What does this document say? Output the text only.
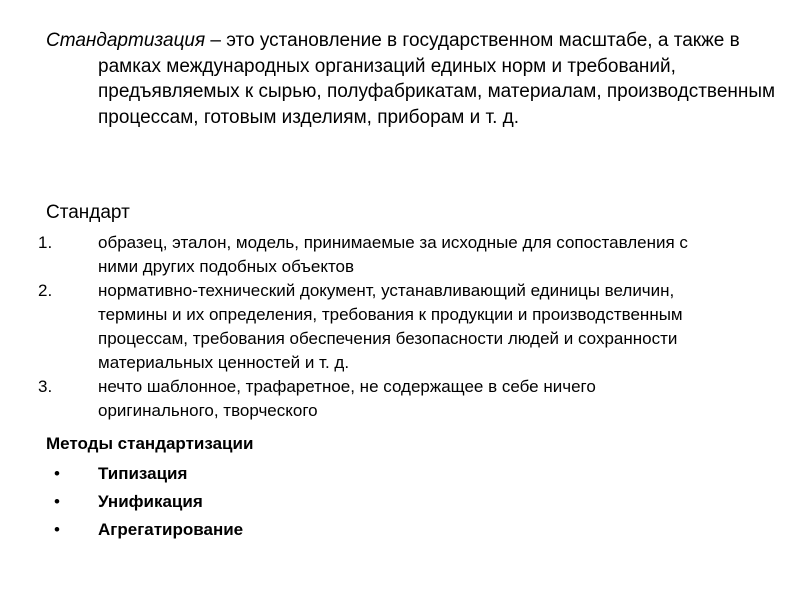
Стандартизация – это установление в государственном масштабе, а также в рамках международных организаций единых норм и требований, предъявляемых к сырью, полуфабрикатам, материалам, производственным процессам, готовым изделиям, приборам и т. д.

Стандарт

1.	образец, эталон, модель, принимаемые за исходные для сопоставления с ними других подобных объектов
2.	нормативно-технический документ, устанавливающий единицы величин, термины и их определения, требования к продукции и производственным процессам, требования обеспечения безопасности людей и сохранности материальных ценностей и т. д.
3.	нечто шаблонное, трафаретное, не содержащее в себе ничего оригинального, творческого

Методы стандартизации

• Типизация
• Унификация
• Агрегатирование
